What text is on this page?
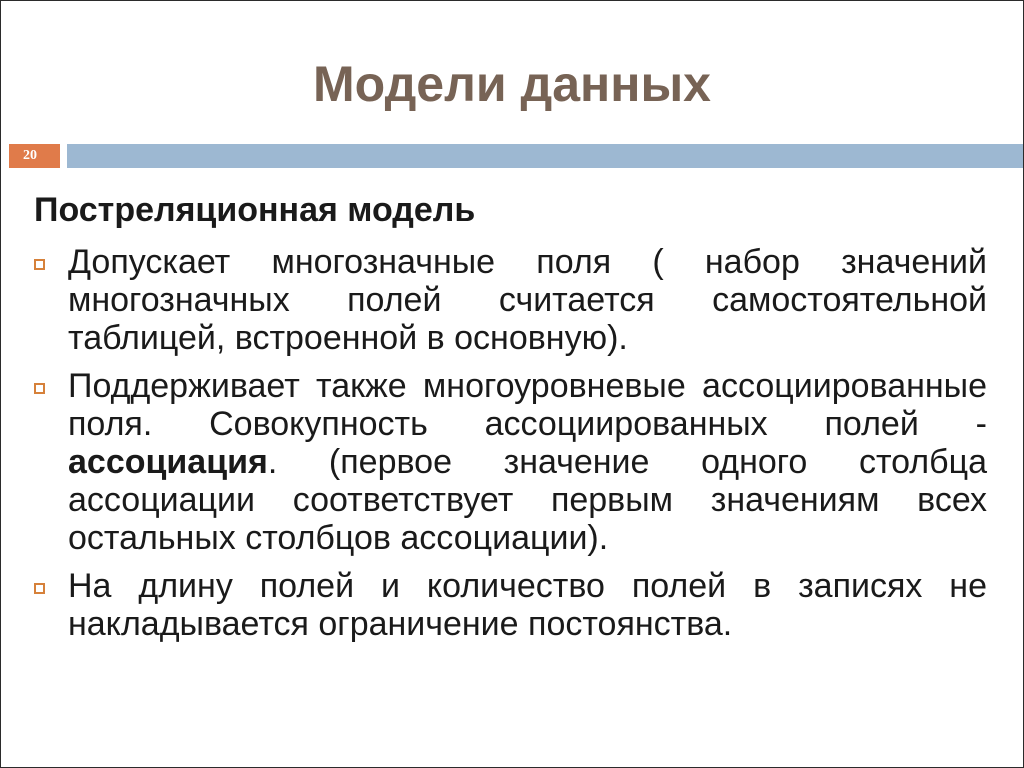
Модели данных
20
Постреляционная модель
Допускает многозначные поля ( набор значений многозначных полей считается самостоятельной таблицей, встроенной в основную).
Поддерживает также многоуровневые ассоциированные поля. Совокупность ассоциированных полей - ассоциация. (первое значение одного столбца ассоциации соответствует первым значениям всех остальных столбцов ассоциации).
На длину полей и количество полей в записях не накладывается ограничение постоянства.
